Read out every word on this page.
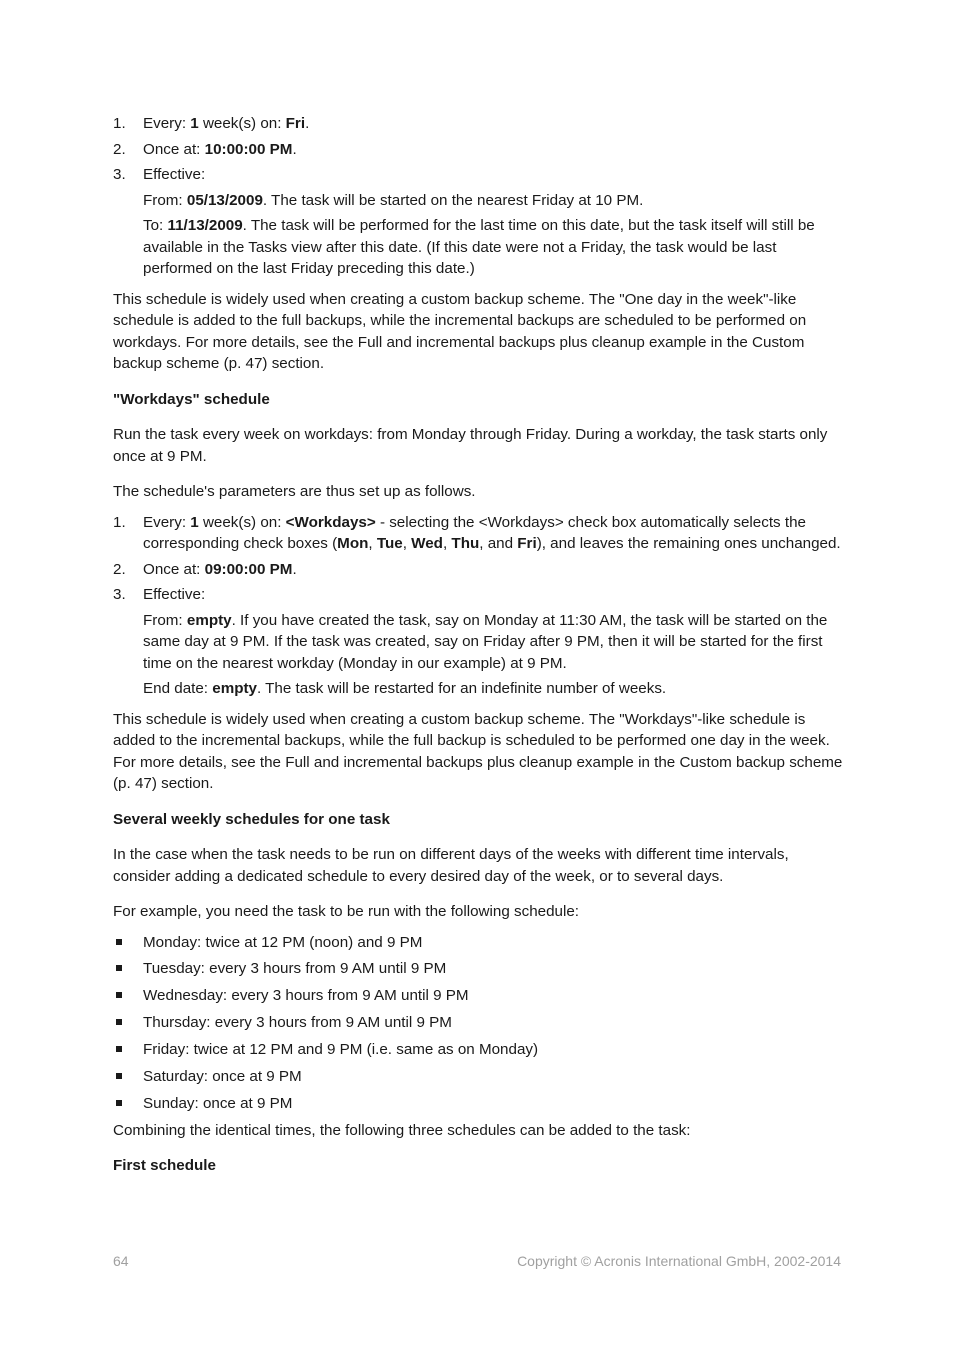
1. Every: 1 week(s) on: Fri.
2. Once at: 10:00:00 PM.
3. Effective:

From: 05/13/2009. The task will be started on the nearest Friday at 10 PM.

To: 11/13/2009. The task will be performed for the last time on this date, but the task itself will still be available in the Tasks view after this date. (If this date were not a Friday, the task would be last performed on the last Friday preceding this date.)

This schedule is widely used when creating a custom backup scheme. The "One day in the week"-like schedule is added to the full backups, while the incremental backups are scheduled to be performed on workdays. For more details, see the Full and incremental backups plus cleanup example in the Custom backup scheme (p. 47) section.

"Workdays" schedule

Run the task every week on workdays: from Monday through Friday. During a workday, the task starts only once at 9 PM.

The schedule's parameters are thus set up as follows.

1. Every: 1 week(s) on: <Workdays> - selecting the <Workdays> check box automatically selects the corresponding check boxes (Mon, Tue, Wed, Thu, and Fri), and leaves the remaining ones unchanged.
2. Once at: 09:00:00 PM.
3. Effective:

From: empty. If you have created the task, say on Monday at 11:30 AM, the task will be started on the same day at 9 PM. If the task was created, say on Friday after 9 PM, then it will be started for the first time on the nearest workday (Monday in our example) at 9 PM.

End date: empty. The task will be restarted for an indefinite number of weeks.

This schedule is widely used when creating a custom backup scheme. The "Workdays"-like schedule is added to the incremental backups, while the full backup is scheduled to be performed one day in the week. For more details, see the Full and incremental backups plus cleanup example in the Custom backup scheme (p. 47) section.

Several weekly schedules for one task

In the case when the task needs to be run on different days of the weeks with different time intervals, consider adding a dedicated schedule to every desired day of the week, or to several days.

For example, you need the task to be run with the following schedule:

Monday: twice at 12 PM (noon) and 9 PM
Tuesday: every 3 hours from 9 AM until 9 PM
Wednesday: every 3 hours from 9 AM until 9 PM
Thursday: every 3 hours from 9 AM until 9 PM
Friday: twice at 12 PM and 9 PM (i.e. same as on Monday)
Saturday: once at 9 PM
Sunday: once at 9 PM

Combining the identical times, the following three schedules can be added to the task:

First schedule

64	Copyright © Acronis International GmbH, 2002-2014
